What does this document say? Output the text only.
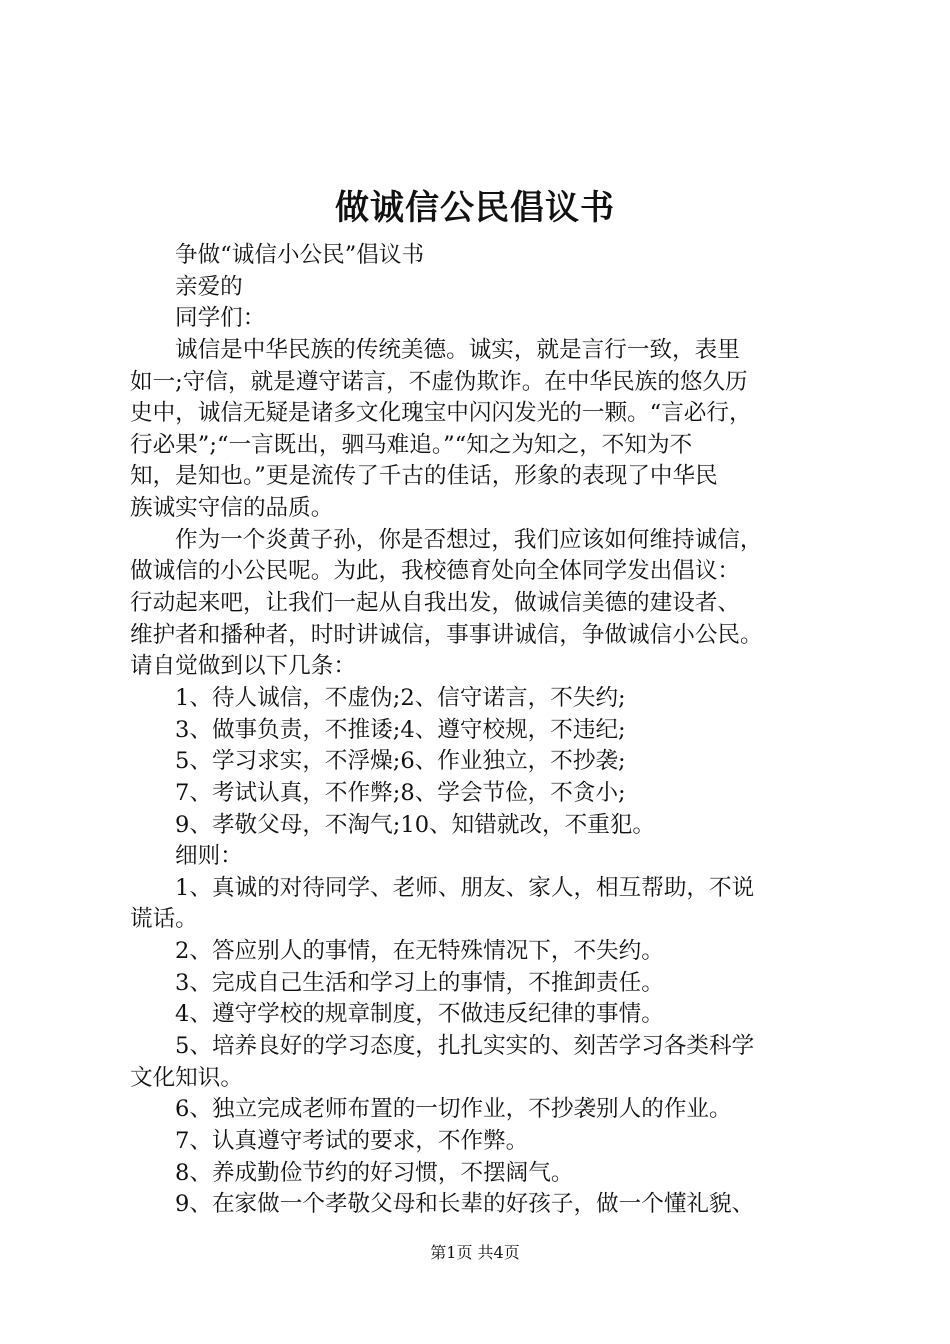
做诚信公民倡议书
争做“诚信小公民”倡议书
亲爱的
同学们：
诚信是中华民族的传统美德。诚实，就是言行一致，表里
如一;守信，就是遵守诺言，不虚伪欺诈。在中华民族的悠久历
史中，诚信无疑是诸多文化瑰宝中闪闪发光的一颗。“言必行，
行必果”;“一言既出，驷马难追。”“知之为知之，不知为不
知，是知也。”更是流传了千古的佳话，形象的表现了中华民
族诚实守信的品质。
作为一个炎黄子孙，你是否想过，我们应该如何维持诚信，
做诚信的小公民呢。为此，我校德育处向全体同学发出倡议：
行动起来吧，让我们一起从自我出发，做诚信美德的建设者、
维护者和播种者，时时讲诚信，事事讲诚信，争做诚信小公民。
请自觉做到以下几条：
1、待人诚信，不虚伪;2、信守诺言，不失约;
3、做事负责，不推诿;4、遵守校规，不违纪;
5、学习求实，不浮燥;6、作业独立，不抄袭;
7、考试认真，不作弊;8、学会节俭，不贪小;
9、孝敬父母，不淘气;10、知错就改，不重犯。
细则：
1、真诚的对待同学、老师、朋友、家人，相互帮助，不说
谎话。
2、答应别人的事情，在无特殊情况下，不失约。
3、完成自己生活和学习上的事情，不推卸责任。
4、遵守学校的规章制度，不做违反纪律的事情。
5、培养良好的学习态度，扎扎实实的、刻苦学习各类科学
文化知识。
6、独立完成老师布置的一切作业，不抄袭别人的作业。
7、认真遵守考试的要求，不作弊。
8、养成勤俭节约的好习惯，不摆阔气。
9、在家做一个孝敬父母和长辈的好孩子，做一个懂礼貌、
第1页 共4页
